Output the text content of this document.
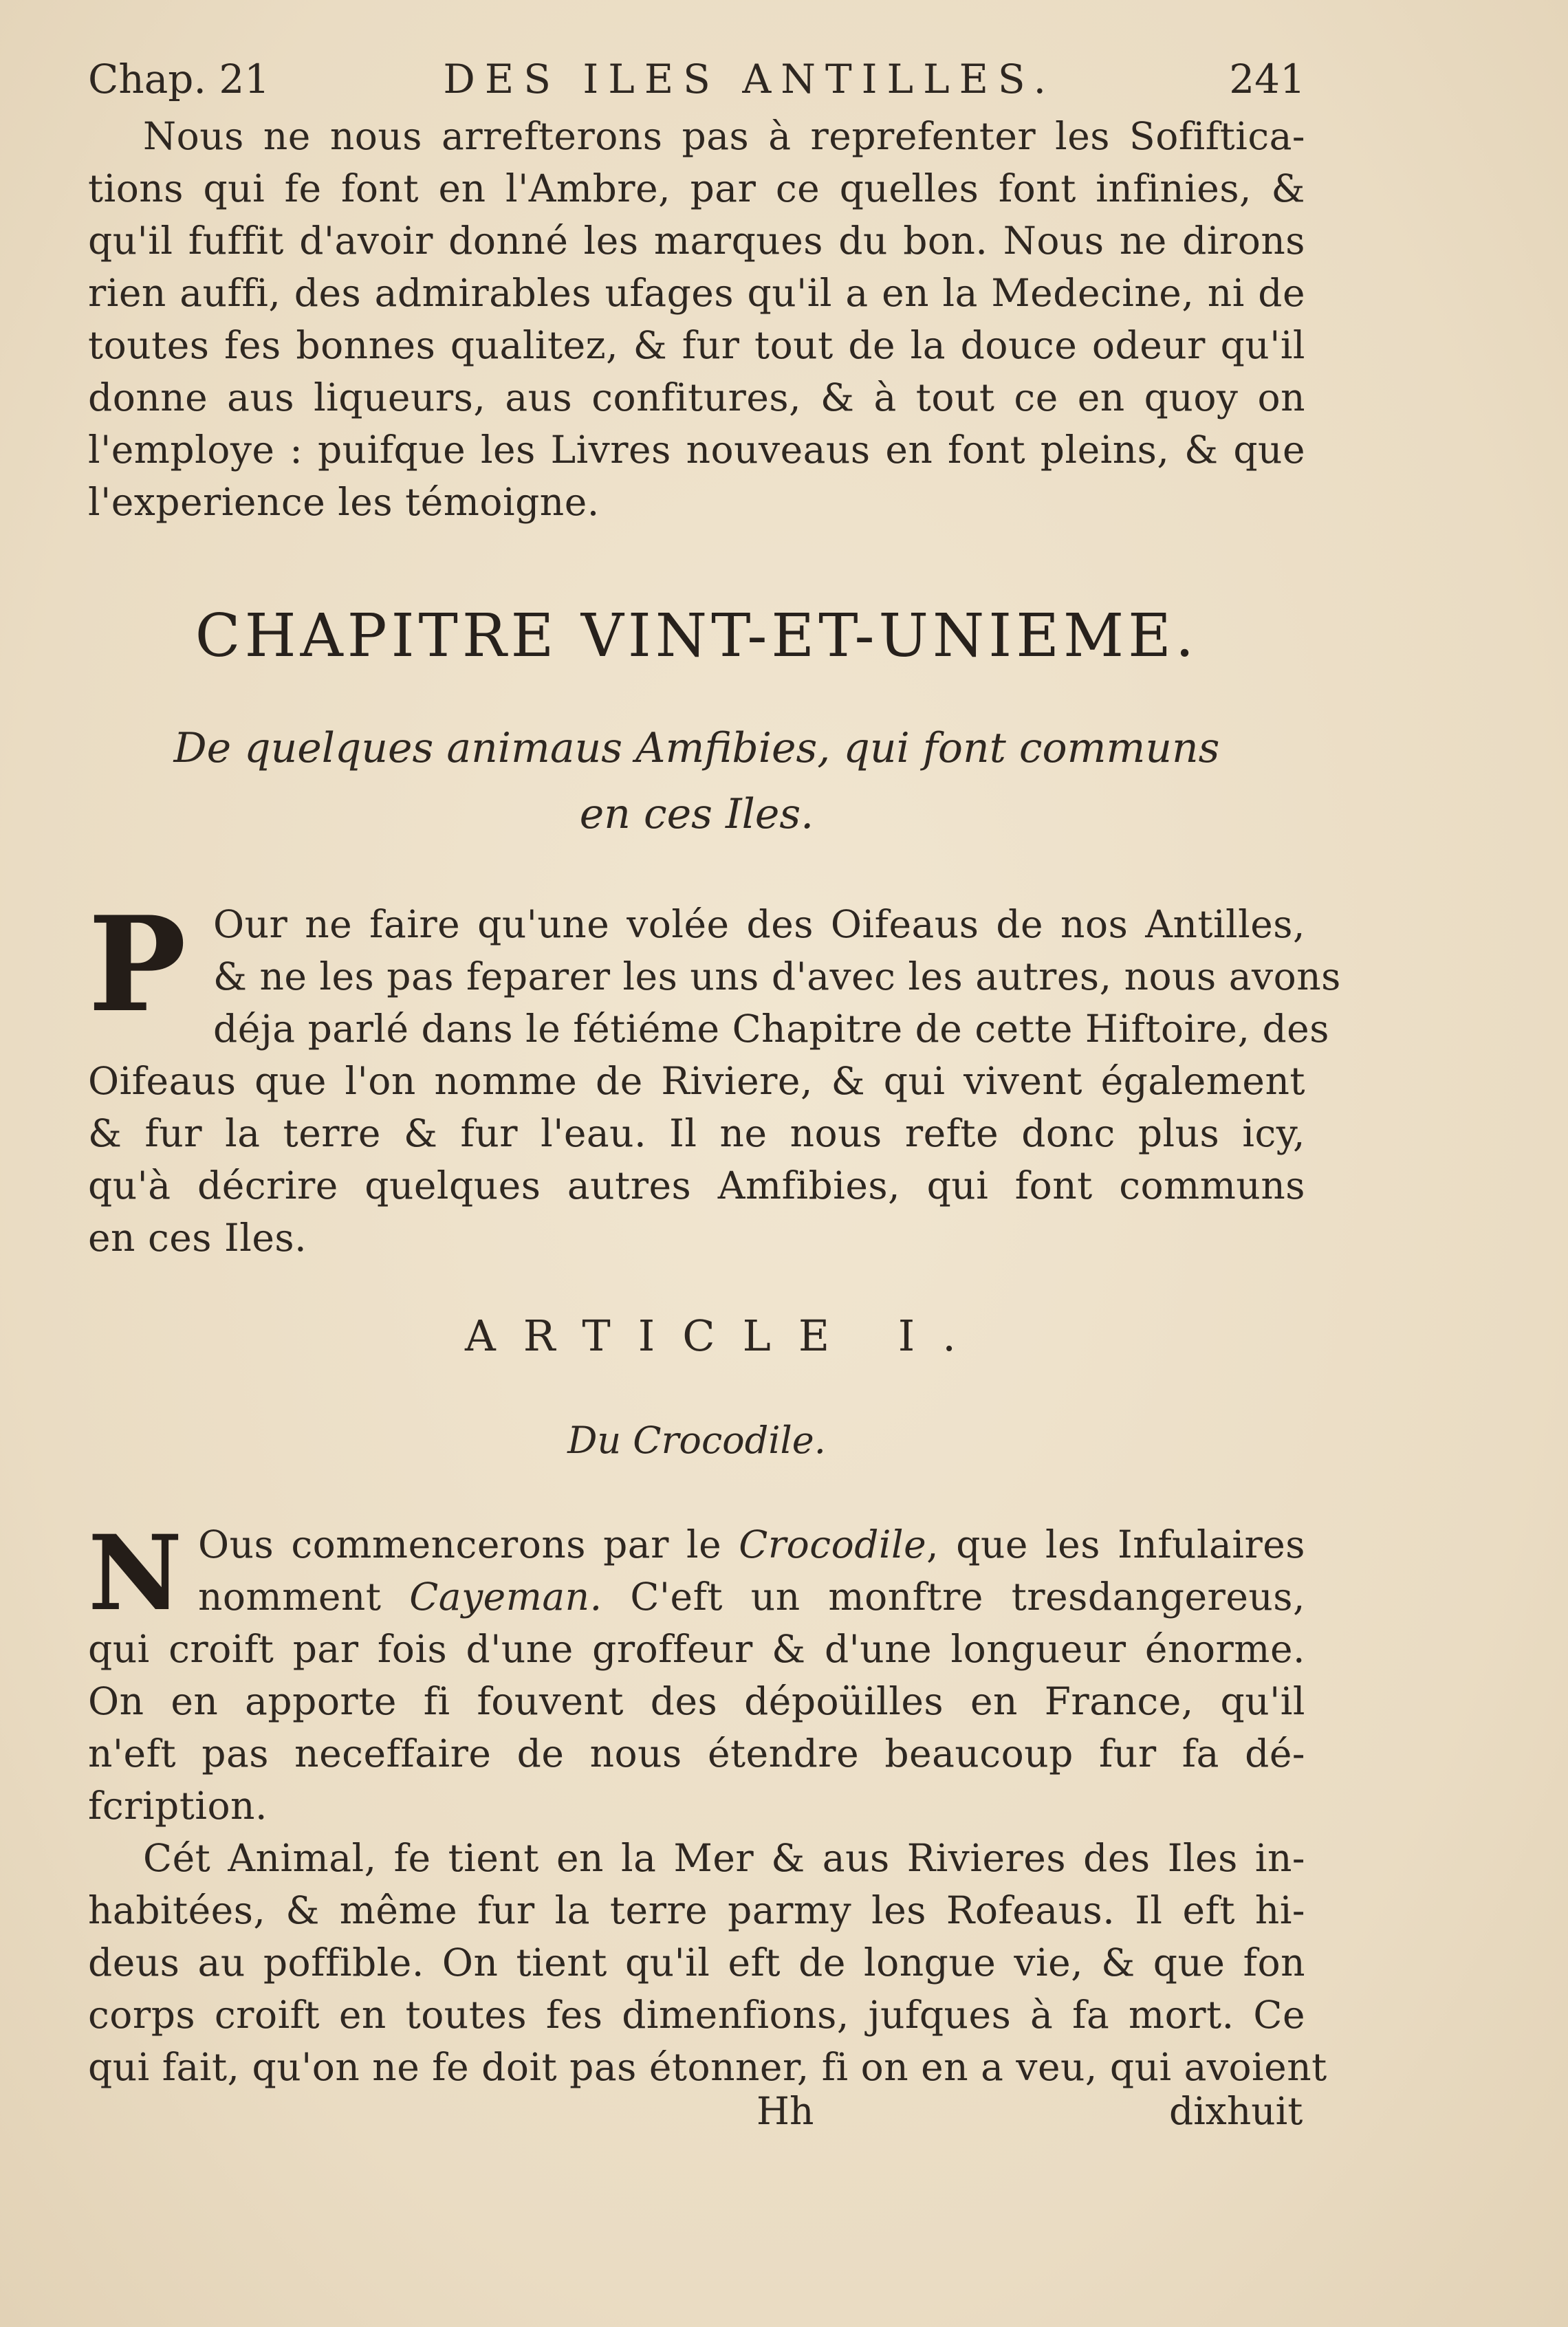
Chap. 21	DES ILES ANTILLES.	241
Nous ne nous arrefterons pas à reprefenter les Sofiftica-
tions qui fe font en l'Ambre, par ce quelles font infinies, &
qu'il fuffit d'avoir donné les marques du bon. Nous ne dirons
rien auffi, des admirables ufages qu'il a en la Medecine, ni de
toutes fes bonnes qualitez, & fur tout de la douce odeur qu'il
donne aus liqueurs, aus confitures, & à tout ce en quoy on
l'employe : puifque les Livres nouveaus en font pleins, & que
l'experience les témoigne.
CHAPITRE VINT-ET-UNIEME.
De quelques animaus Amfibies, qui font communs
en ces Iles.
P Our ne faire qu'une volée des Oifeaus de nos Antilles,
& ne les pas feparer les uns d'avec les autres, nous avons
déja parlé dans le fétiéme Chapitre de cette Hiftoire, des
Oifeaus que l'on nomme de Riviere, & qui vivent également
& fur la terre & fur l'eau. Il ne nous refte donc plus icy,
qu'à décrire quelques autres Amfibies, qui font communs
en ces Iles.
ARTICLE I.
Du Crocodile.
N Ous commencerons par le Crocodile, que les Infulaires
nomment Cayeman. C'eft un monftre tresdangereus,
qui croift par fois d'une groffeur & d'une longueur énorme.
On en apporte fi fouvent des dépoüilles en France, qu'il
n'eft pas neceffaire de nous étendre beaucoup fur fa dé-
fcription.
Cét Animal, fe tient en la Mer & aus Rivieres des Iles in-
habitées, & même fur la terre parmy les Rofeaus. Il eft hi-
deus au poffible. On tient qu'il eft de longue vie, & que fon
corps croift en toutes fes dimenfions, jufques à fa mort. Ce
qui fait, qu'on ne fe doit pas étonner, fi on en a veu, qui avoient
Hh	dixhuit
